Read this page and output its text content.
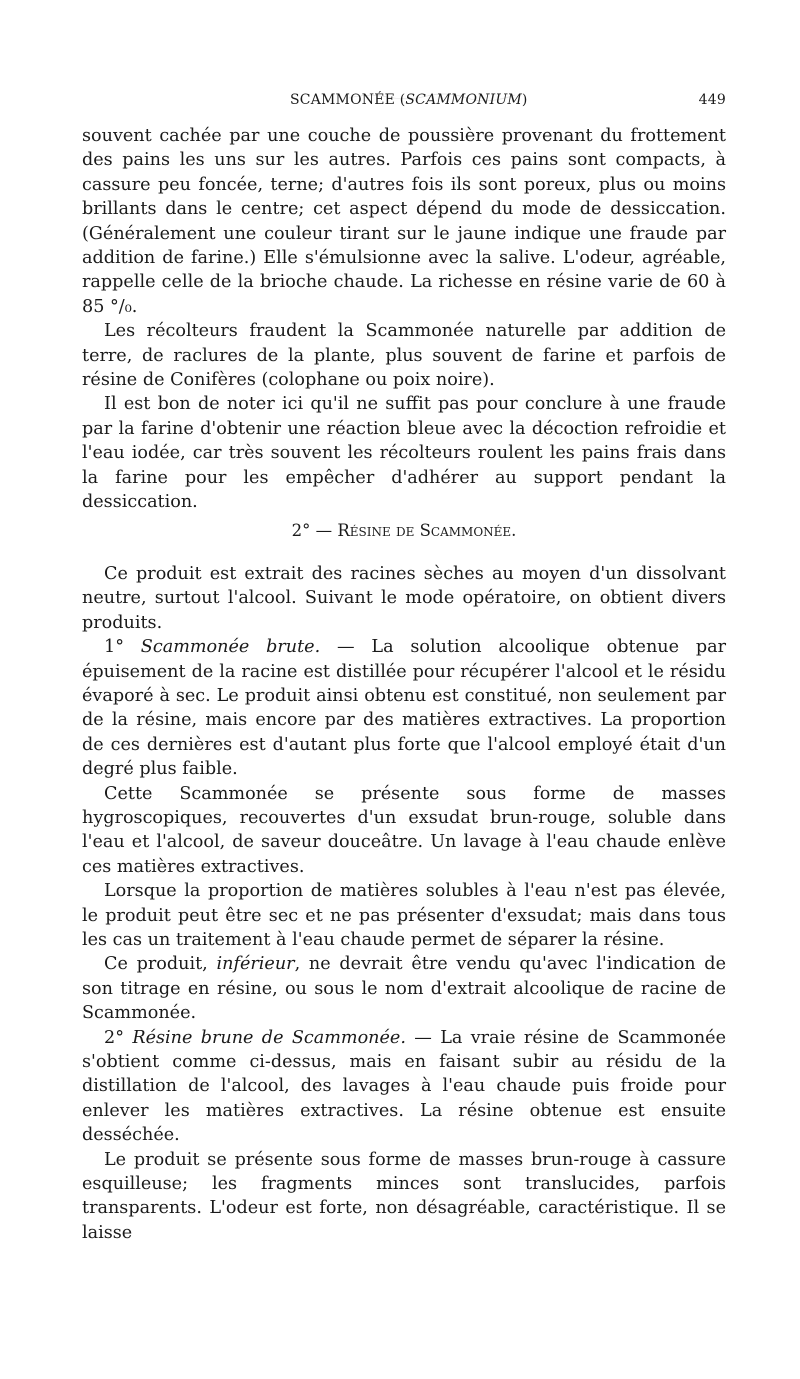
SCAMMONÉE (SCAMMONIUM)	449

souvent cachée par une couche de poussière provenant du frottement des pains les uns sur les autres. Parfois ces pains sont compacts, à cassure peu foncée, terne; d'autres fois ils sont poreux, plus ou moins brillants dans le centre; cet aspect dépend du mode de dessiccation. (Généralement une couleur tirant sur le jaune indique une fraude par addition de farine.) Elle s'émulsionne avec la salive. L'odeur, agréable, rappelle celle de la brioche chaude. La richesse en résine varie de 60 à 85 °/₀.

Les récolteurs fraudent la Scammonée naturelle par addition de terre, de raclures de la plante, plus souvent de farine et parfois de résine de Conifères (colophane ou poix noire).

Il est bon de noter ici qu'il ne suffit pas pour conclure à une fraude par la farine d'obtenir une réaction bleue avec la décoction refroidie et l'eau iodée, car très souvent les récolteurs roulent les pains frais dans la farine pour les empêcher d'adhérer au support pendant la dessiccation.

2° — Résine de Scammonée.

Ce produit est extrait des racines sèches au moyen d'un dissolvant neutre, surtout l'alcool. Suivant le mode opératoire, on obtient divers produits.

1° Scammonée brute. — La solution alcoolique obtenue par épuisement de la racine est distillée pour récupérer l'alcool et le résidu évaporé à sec. Le produit ainsi obtenu est constitué, non seulement par de la résine, mais encore par des matières extractives. La proportion de ces dernières est d'autant plus forte que l'alcool employé était d'un degré plus faible.

Cette Scammonée se présente sous forme de masses hygroscopiques, recouvertes d'un exsudat brun-rouge, soluble dans l'eau et l'alcool, de saveur douceâtre. Un lavage à l'eau chaude enlève ces matières extractives.

Lorsque la proportion de matières solubles à l'eau n'est pas élevée, le produit peut être sec et ne pas présenter d'exsudat; mais dans tous les cas un traitement à l'eau chaude permet de séparer la résine.

Ce produit, inférieur, ne devrait être vendu qu'avec l'indication de son titrage en résine, ou sous le nom d'extrait alcoolique de racine de Scammonée.

2° Résine brune de Scammonée. — La vraie résine de Scammonée s'obtient comme ci-dessus, mais en faisant subir au résidu de la distillation de l'alcool, des lavages à l'eau chaude puis froide pour enlever les matières extractives. La résine obtenue est ensuite desséchée.

Le produit se présente sous forme de masses brun-rouge à cassure esquilleuse; les fragments minces sont translucides, parfois transparents. L'odeur est forte, non désagréable, caractéristique. Il se laisse
